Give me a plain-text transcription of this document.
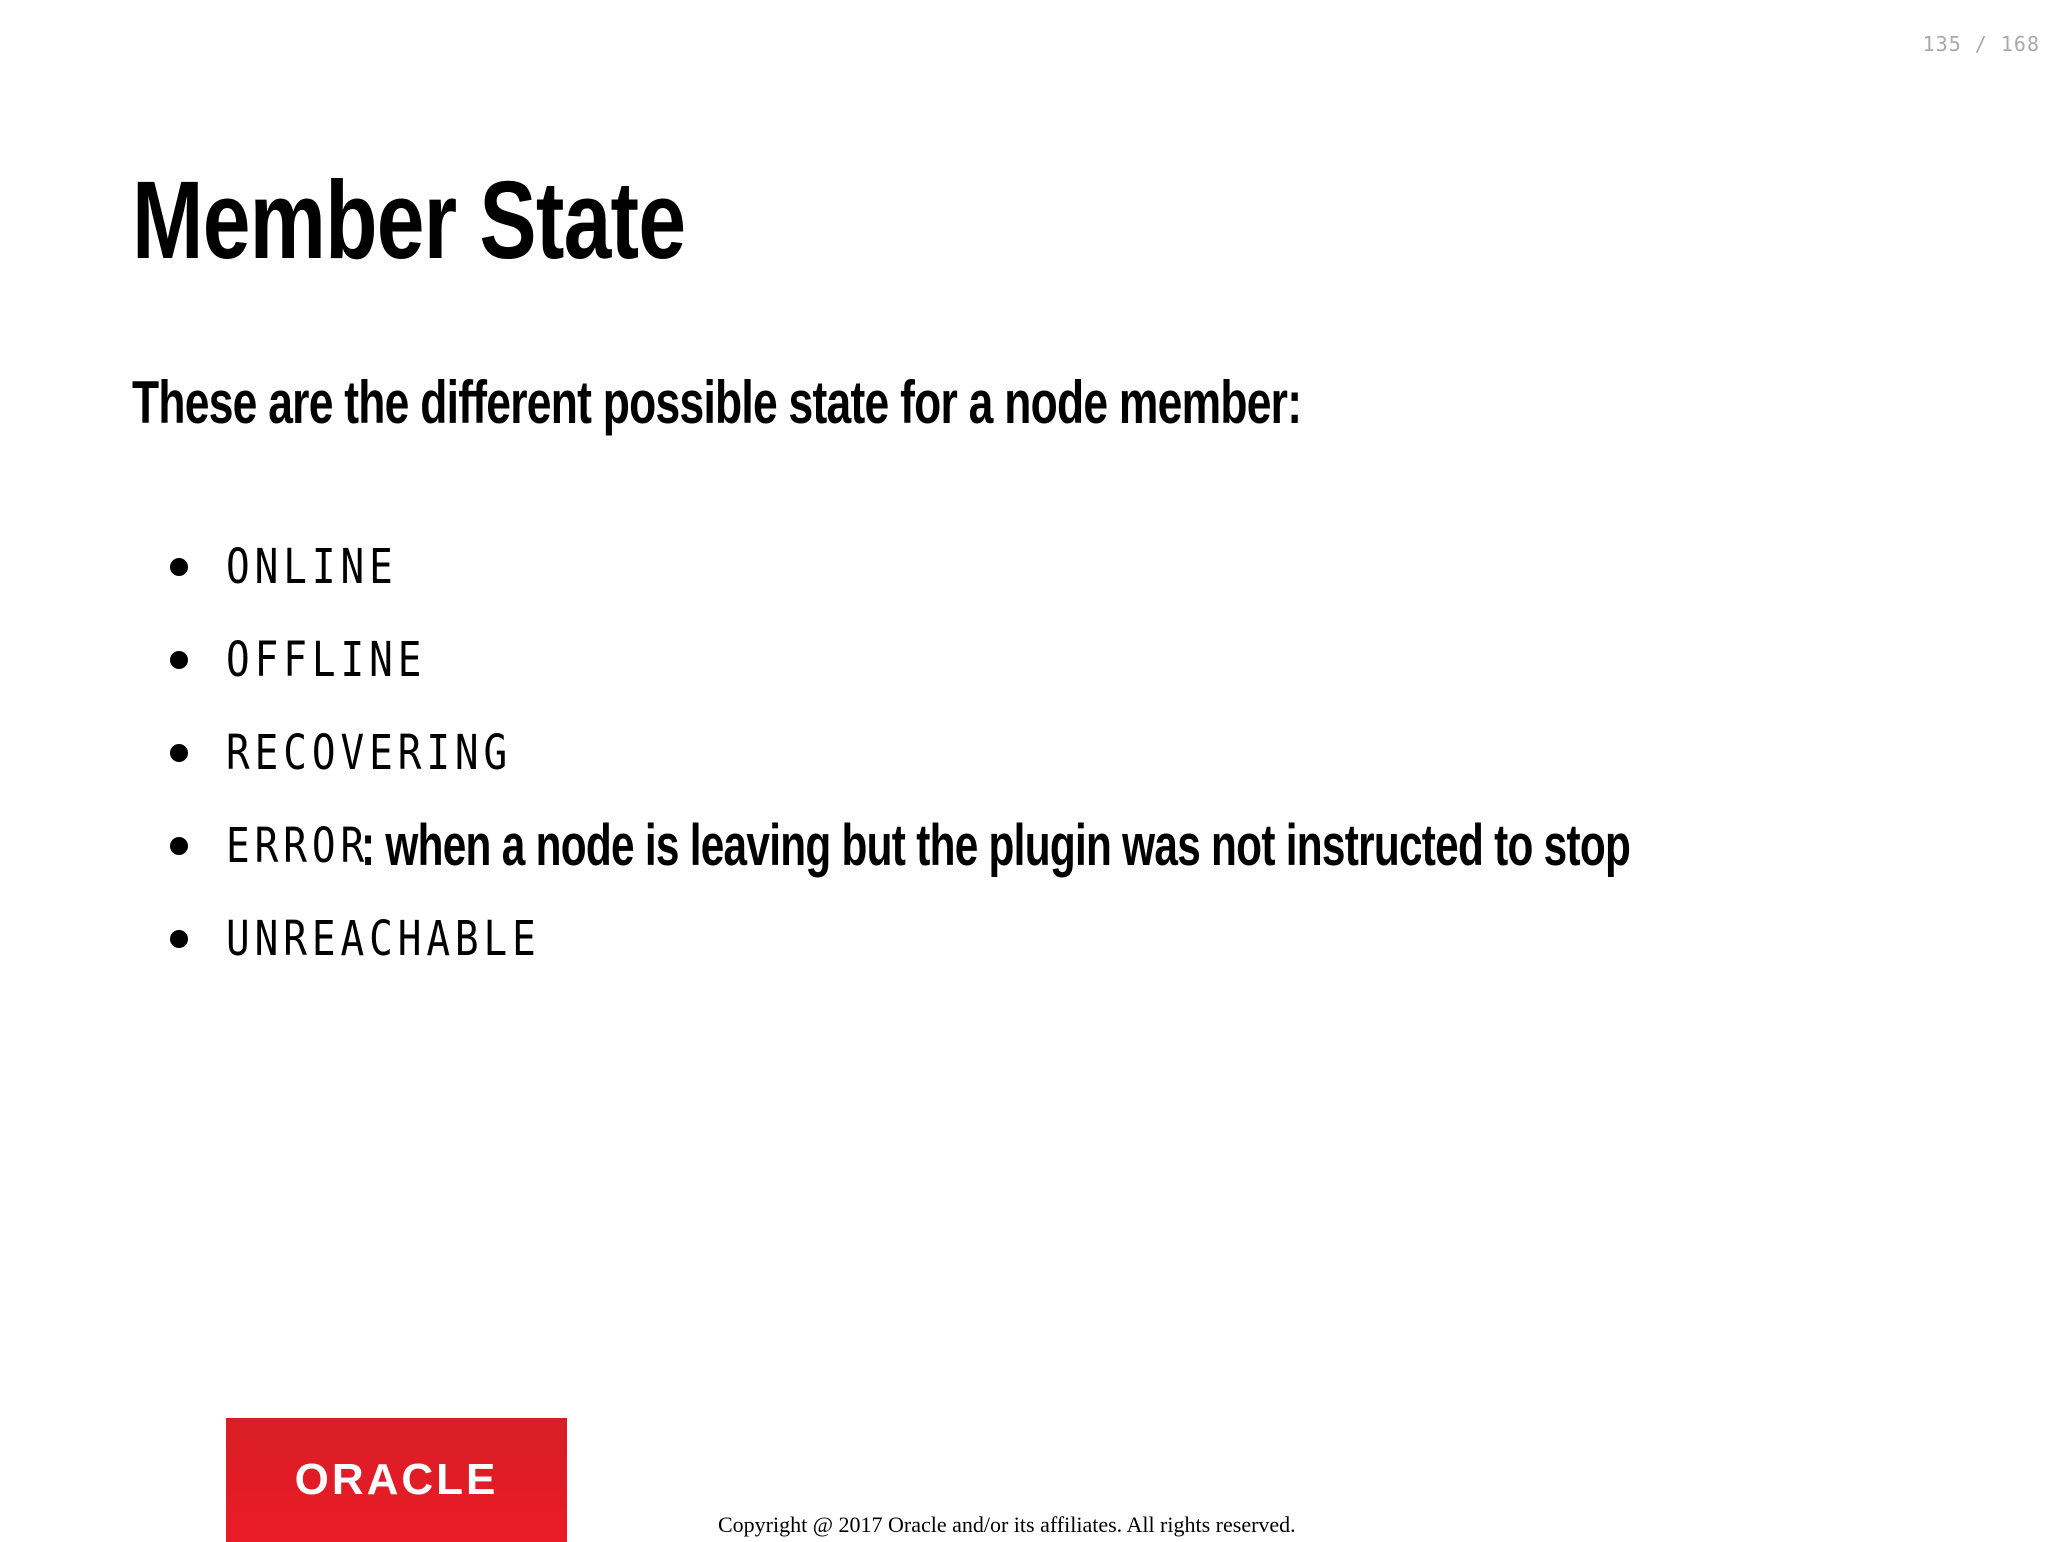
135 / 168
Member State

These are the different possible state for a node member:

ONLINE
OFFLINE
RECOVERING
ERROR
: when a node is leaving but the plugin was not instructed to stop
UNREACHABLE
ORACLE
Copyright @ 2017 Oracle and/or its affiliates. All rights reserved.
